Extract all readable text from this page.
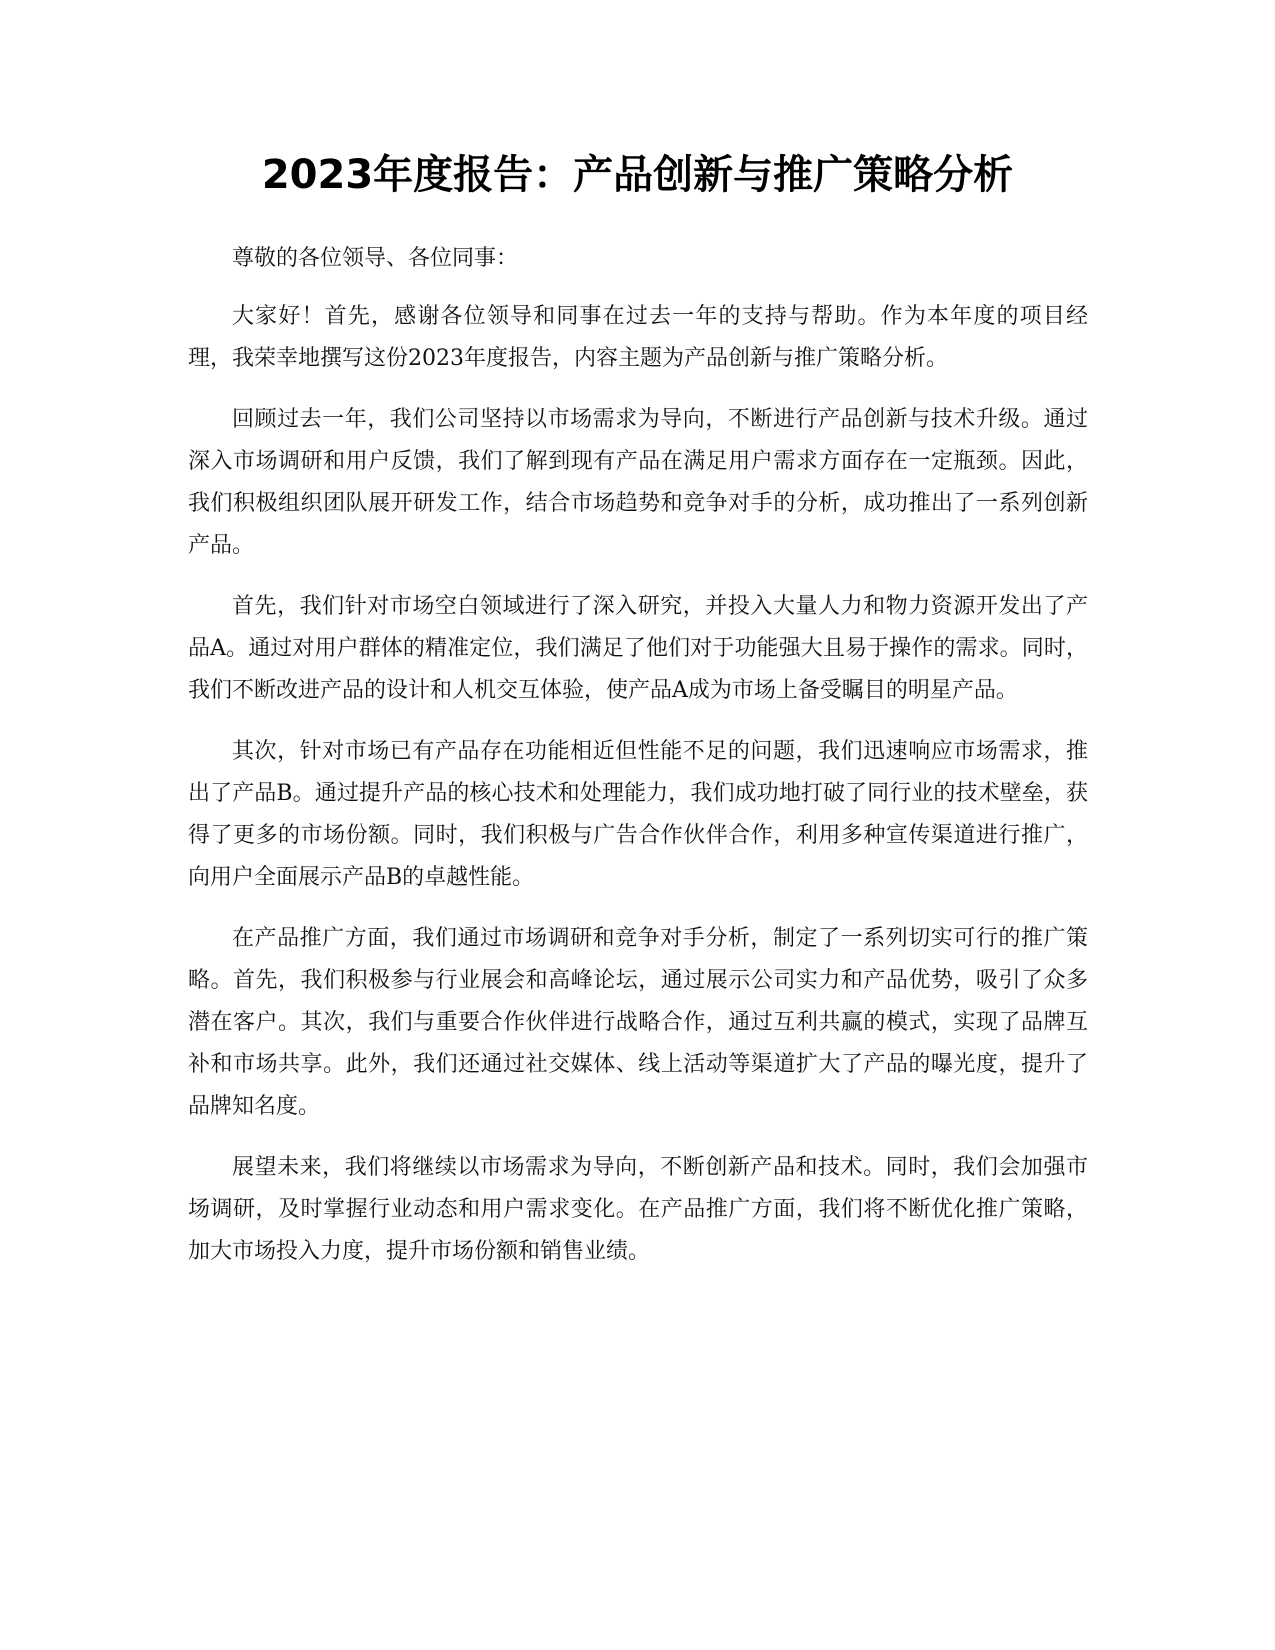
2023年度报告：产品创新与推广策略分析

尊敬的各位领导、各位同事：

大家好！首先，感谢各位领导和同事在过去一年的支持与帮助。作为本年度的项目经理，我荣幸地撰写这份2023年度报告，内容主题为产品创新与推广策略分析。

回顾过去一年，我们公司坚持以市场需求为导向，不断进行产品创新与技术升级。通过深入市场调研和用户反馈，我们了解到现有产品在满足用户需求方面存在一定瓶颈。因此，我们积极组织团队展开研发工作，结合市场趋势和竞争对手的分析，成功推出了一系列创新产品。

首先，我们针对市场空白领域进行了深入研究，并投入大量人力和物力资源开发出了产品A。通过对用户群体的精准定位，我们满足了他们对于功能强大且易于操作的需求。同时，我们不断改进产品的设计和人机交互体验，使产品A成为市场上备受瞩目的明星产品。

其次，针对市场已有产品存在功能相近但性能不足的问题，我们迅速响应市场需求，推出了产品B。通过提升产品的核心技术和处理能力，我们成功地打破了同行业的技术壁垒，获得了更多的市场份额。同时，我们积极与广告合作伙伴合作，利用多种宣传渠道进行推广，向用户全面展示产品B的卓越性能。

在产品推广方面，我们通过市场调研和竞争对手分析，制定了一系列切实可行的推广策略。首先，我们积极参与行业展会和高峰论坛，通过展示公司实力和产品优势，吸引了众多潜在客户。其次，我们与重要合作伙伴进行战略合作，通过互利共赢的模式，实现了品牌互补和市场共享。此外，我们还通过社交媒体、线上活动等渠道扩大了产品的曝光度，提升了品牌知名度。

展望未来，我们将继续以市场需求为导向，不断创新产品和技术。同时，我们会加强市场调研，及时掌握行业动态和用户需求变化。在产品推广方面，我们将不断优化推广策略，加大市场投入力度，提升市场份额和销售业绩。
